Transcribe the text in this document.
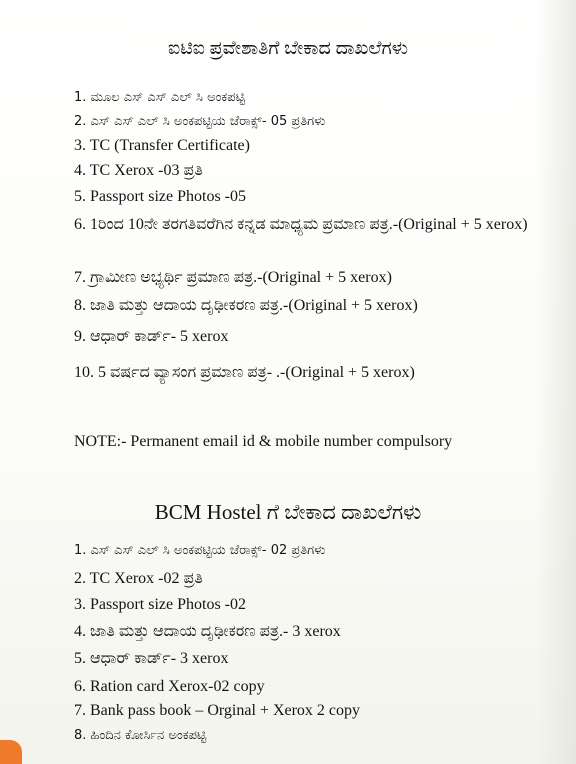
ಐಟಿಐ ಪ್ರವೇಶಾತಿಗೆ ಬೇಕಾದ ದಾಖಲೆಗಳು
1. ಮೂಲ ಎಸ್ ಎಸ್ ಎಲ್ ಸಿ ಅಂಕಪಟ್ಟಿ
2. ಎಸ್ ಎಸ್ ಎಲ್ ಸಿ ಅಂಕಪಟ್ಟಿಯ ಜೆರಾಕ್ಸ್- 05 ಪ್ರತಿಗಳು
3. TC (Transfer Certificate)
4. TC Xerox -03 ಪ್ರತಿ
5. Passport size Photos -05
6. 1ರಿಂದ 10ನೇ ತರಗತಿವರೆಗಿನ ಕನ್ನಡ ಮಾಧ್ಯಮ ಪ್ರಮಾಣ ಪತ್ರ.-(Original + 5 xerox)
7. ಗ್ರಾಮೀಣ ಅಭ್ಯರ್ಥಿ ಪ್ರಮಾಣ ಪತ್ರ.-(Original + 5 xerox)
8. ಜಾತಿ ಮತ್ತು ಆದಾಯ ದೃಢೀಕರಣ ಪತ್ರ.-(Original + 5 xerox)
9. ಆಧಾರ್ ಕಾರ್ಡ್- 5 xerox
10. 5 ವರ್ಷದ ವ್ಯಾಸಂಗ ಪ್ರಮಾಣ ಪತ್ರ- .-(Original + 5 xerox)
NOTE:- Permanent email id & mobile number compulsory
BCM Hostel ಗೆ ಬೇಕಾದ ದಾಖಲೆಗಳು
1. ಎಸ್ ಎಸ್ ಎಲ್ ಸಿ ಅಂಕಪಟ್ಟಿಯ ಜೆರಾಕ್ಸ್- 02 ಪ್ರತಿಗಳು
2. TC Xerox -02 ಪ್ರತಿ
3. Passport size Photos -02
4. ಜಾತಿ ಮತ್ತು ಆದಾಯ ದೃಢೀಕರಣ ಪತ್ರ.- 3 xerox
5. ಆಧಾರ್ ಕಾರ್ಡ್- 3 xerox
6. Ration card Xerox-02 copy
7. Bank pass book – Orginal + Xerox 2 copy
8. ಹಿಂದಿನ ಕೋರ್ಸಿನ ಅಂಕಪಟ್ಟಿ
